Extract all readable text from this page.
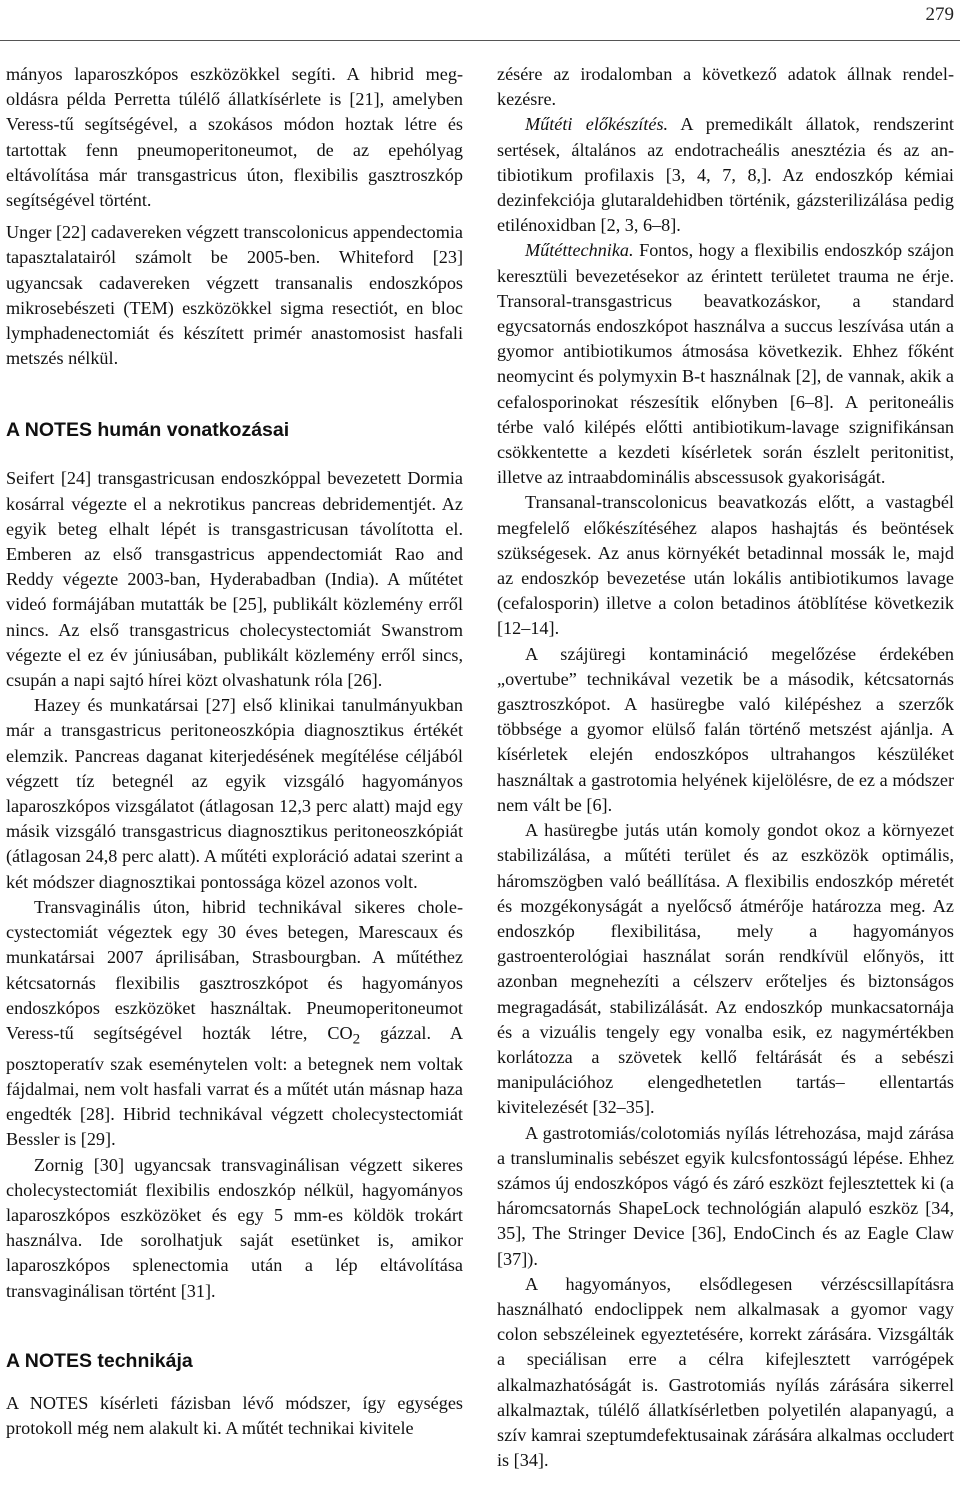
279

mányos laparoszkópos eszközökkel segíti. A hibrid megoldásra példa Perretta túlélő állatkísérlete is [21], amelyben Veress-tű segítségével, a szokásos módon hoztak létre és tartottak fenn pneumoperitoneumot, de az epehólyag eltávolítása már transgastricus úton, flexibilis gasztroszkóp segítségével történt.

Unger [22] cadavereken végzett transcolonicus appendectomia tapasztalatairól számolt be 2005-ben. Whiteford [23] ugyancsak cadavereken végzett transanalis endoszkópos mikrosebészeti (TEM) eszközökkel sigma resectiót, en bloc lymphadenectomiát és készített primér anastomosist hasfali metszés nélkül.

A NOTES humán vonatkozásai

Seifert [24] transgastricusan endoszkóppal bevezetett Dormia kosárral végezte el a nekrotikus pancreas debridementjét. Az egyik beteg elhalt lépét is transgastricusan távolította el. Emberen az első transgastricus appendectomiát Rao and Reddy végezte 2003-ban, Hyderabadban (India). A műtétet videó formájában mutatták be [25], publikált közlemény erről nincs. Az első transgastricus cholecystectomiát Swanstrom végezte el ez év júniusában, publikált közlemény erről sincs, csupán a napi sajtó hírei közt olvashatunk róla [26].

Hazey és munkatársai [27] első klinikai tanulmányukban már a transgastricus peritoneoszkópia diagnosztikus értékét elemzik. Pancreas daganat kiterjedésének megítélése céljából végzett tíz betegnél az egyik vizsgáló hagyományos laparoszkópos vizsgálatot (átlagosan 12,3 perc alatt) majd egy másik vizsgáló transgastricus diagnosztikus peritoneoszkópiát (átlagosan 24,8 perc alatt). A műtéti exploráció adatai szerint a két módszer diagnosztikai pontossága közel azonos volt.

Transvaginális úton, hibrid technikával sikeres cholecystectomiát végeztek egy 30 éves betegen, Marescaux és munkatársai 2007 áprilisában, Strasbourgban. A műtéthez kétcsatornás flexibilis gasztroszkópot és hagyományos endoszkópos eszközöket használtak. Pneumoperitoneumot Veress-tű segítségével hozták létre, $CO_2$ gázzal. A posztoperatív szak eseménytelen volt: a betegnek nem voltak fájdalmai, nem volt hasfali varrat és a műtét után másnap haza engedték [28]. Hibrid technikával végzett cholecystectomiát Bessler is [29].

Zornig [30] ugyancsak transvaginálisan végzett sikeres cholecystectomiát flexibilis endoszkóp nélkül, hagyományos laparoszkópos eszközöket és egy 5 mm-es köldök trokárt használva. Ide sorolhatjuk saját esetünket is, amikor laparoszkópos splenectomia után a lép eltávolítása transvaginálisan történt [31].

A NOTES technikája

A NOTES kísérleti fázisban lévő módszer, így egységes protokoll még nem alakult ki. A műtét technikai kivitele

zésére az irodalomban a következő adatok állnak rendelkezésre.

Műtéti előkészítés. A premedikált állatok, rendszerint sertések, általános az endotracheális anesztézia és az antibiotikum profilaxis [3, 4, 7, 8,]. Az endoszkóp kémiai dezinfekciója glutaraldehidben történik, gázsterilizálása pedig etilénoxidban [2, 3, 6–8].

Műtéttechnika. Fontos, hogy a flexibilis endoszkóp szájon keresztüli bevezetésekor az érintett területet trauma ne érje. Transoral-transgastricus beavatkozáskor, a standard egycsatornás endoszkópot használva a succus leszívása után a gyomor antibiotikumos átmosása következik. Ehhez főként neomycint és polymyxin B-t használnak [2], de vannak, akik a cefalosporinokat részesítik előnyben [6–8]. A peritoneális térbe való kilépés előtti antibiotikum-lavage szignifikánsan csökkentette a kezdeti kísérletek során észlelt peritonitist, illetve az intraabdominális abscessusok gyakoriságát.

Transanal-transcolonicus beavatkozás előtt, a vastagbél megfelelő előkészítéséhez alapos hashajtás és beöntések szükségesek. Az anus környékét betadinnal mossák le, majd az endoszkóp bevezetése után lokális antibiotikumos lavage (cefalosporin) illetve a colon betadinos átöblítése következik [12–14].

A szájüregi kontamináció megelőzése érdekében „overtube” technikával vezetik be a második, kétcsatornás gasztroszkópot. A hasüregbe való kilépéshez a szerzők többsége a gyomor elülső falán történő metszést ajánlja. A kísérletek elején endoszkópos ultrahangos készüléket használtak a gastrotomia helyének kijelölésre, de ez a módszer nem vált be [6].

A hasüregbe jutás után komoly gondot okoz a környezet stabilizálása, a műtéti terület és az eszközök optimális, háromszögben való beállítása. A flexibilis endoszkóp méretét és mozgékonyságát a nyelőcső átmérője határozza meg. Az endoszkóp flexibilitása, mely a hagyományos gastroenterológiai használat során rendkívül előnyös, itt azonban megnehezíti a célszerv erőteljes és biztonságos megragadását, stabilizálását. Az endoszkóp munkacsatornája és a vizuális tengely egy vonalba esik, ez nagymértékben korlátozza a szövetek kellő feltárását és a sebészi manipulációhoz elengedhetetlen tartás– ellentartás kivitelezését [32–35].

A gastrotomiás/colotomiás nyílás létrehozása, majd zárása a transluminalis sebészet egyik kulcsfontosságú lépése. Ehhez számos új endoszkópos vágó és záró eszközt fejlesztettek ki (a háromcsatornás ShapeLock technológián alapuló eszköz [34, 35], The Stringer Device [36], EndoCinch és az Eagle Claw [37]).

A hagyományos, elsődlegesen vérzéscsillapításra használható endoclippek nem alkalmasak a gyomor vagy colon sebszéleinek egyeztetésére, korrekt zárására. Vizsgálták a speciálisan erre a célra kifejlesztett varrógépek alkalmazhatóságát is. Gastrotomiás nyílás zárására sikerrel alkalmaztak, túlélő állatkísérletben polyetilén alapanyagú, a szív kamrai szeptumdefektusainak zárására alkalmas occludert is [34].
